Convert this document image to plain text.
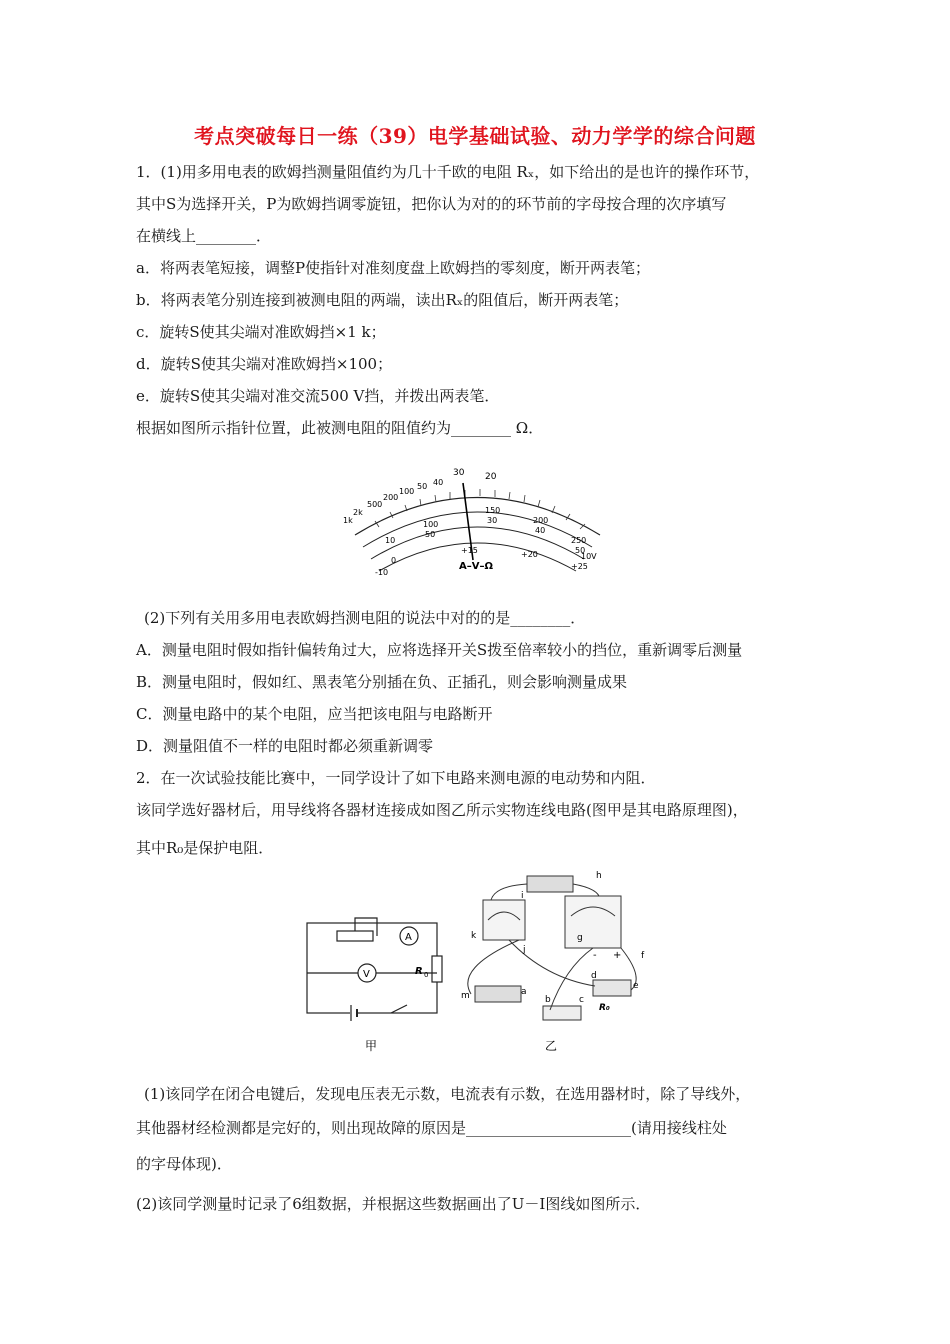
考点突破每日一练（39）电学基础试验、动力学学的综合问题
1．(1)用多用电表的欧姆挡测量阻值约为几十千欧的电阻 Rₓ，如下给出的是也许的操作环节，
其中S为选择开关，P为欧姆挡调零旋钮，把你认为对的的环节前的字母按合理的次序填写
在横线上________．
a．将两表笔短接，调整P使指针对准刻度盘上欧姆挡的零刻度，断开两表笔；
b．将两表笔分别连接到被测电阻的两端，读出Rₓ的阻值后，断开两表笔；
c．旋转S使其尖端对准欧姆挡×1 k；
d．旋转S使其尖端对准欧姆挡×100；
e．旋转S使其尖端对准交流500 V挡，并拨出两表笔．
根据如图所示指针位置，此被测电阻的阻值约为________ Ω．
30 20
1k
2k
500
200
100
50 40
150
30	200
40
250
50
10
100
50
0
+15	+20
+25
-10
10V
A–V–Ω
(2)下列有关用多用电表欧姆挡测电阻的说法中对的的是________．
A．测量电阻时假如指针偏转角过大，应将选择开关S拨至倍率较小的挡位，重新调零后测量
B．测量电阻时，假如红、黑表笔分别插在负、正插孔，则会影响测量成果
C．测量电路中的某个电阻，应当把该电阻与电路断开
D．测量阻值不一样的电阻时都必须重新调零
2．在一次试验技能比赛中，一同学设计了如下电路来测电源的电动势和内阻．
该同学选好器材后，用导线将各器材连接成如图乙所示实物连线电路(图甲是其电路原理图)，
其中R₀是保护电阻．
A
V	R 0
甲
h
i
k
j
g
f
d
e
m	a
b	c
+
-
R₀
乙
(1)该同学在闭合电键后，发现电压表无示数，电流表有示数，在选用器材时，除了导线外，
其他器材经检测都是完好的，则出现故障的原因是______________________(请用接线柱处
的字母体现)．
(2)该同学测量时记录了6组数据，并根据这些数据画出了U－I图线如图所示．
